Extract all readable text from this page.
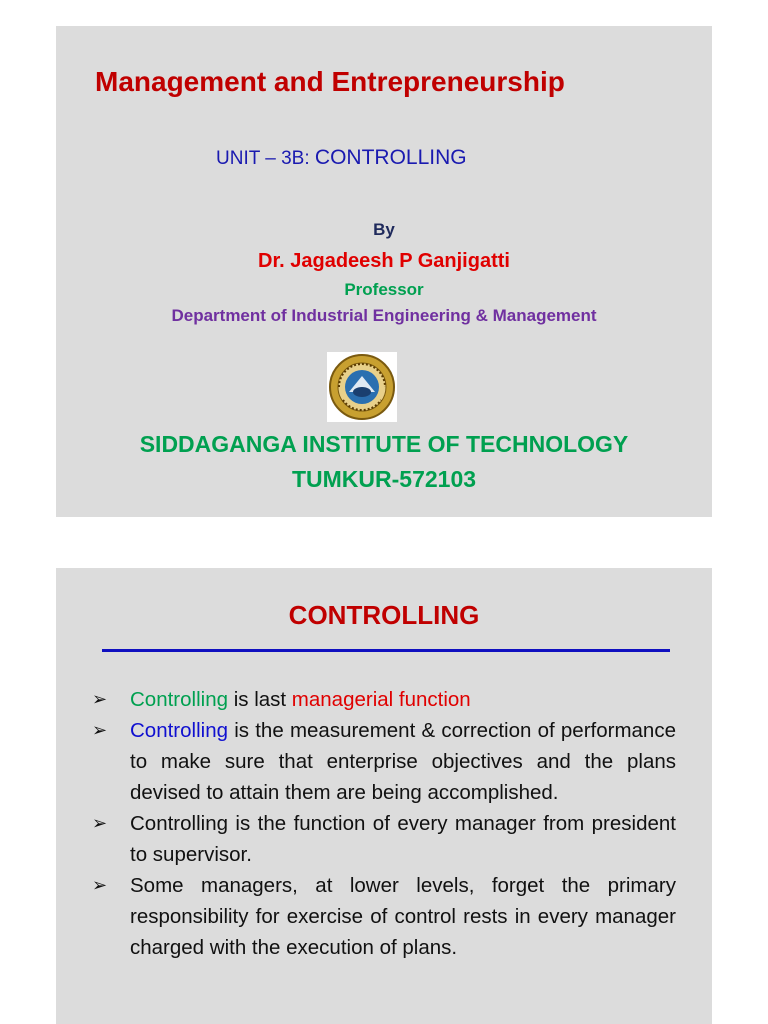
Management and Entrepreneurship
UNIT – 3B: CONTROLLING
By
Dr. Jagadeesh P Ganjigatti
Professor
Department of Industrial Engineering & Management
SIDDAGANGA INSTITUTE OF TECHNOLOGY
TUMKUR-572103
CONTROLLING
➢	Controlling is last managerial function
➢	Controlling is the measurement & correction of performance to make sure that enterprise objectives and the plans devised to attain them are being accomplished.
➢	Controlling is the function of every manager from president to supervisor.
➢	Some managers, at lower levels, forget the primary responsibility for exercise of control rests in every manager charged with the execution of plans.
